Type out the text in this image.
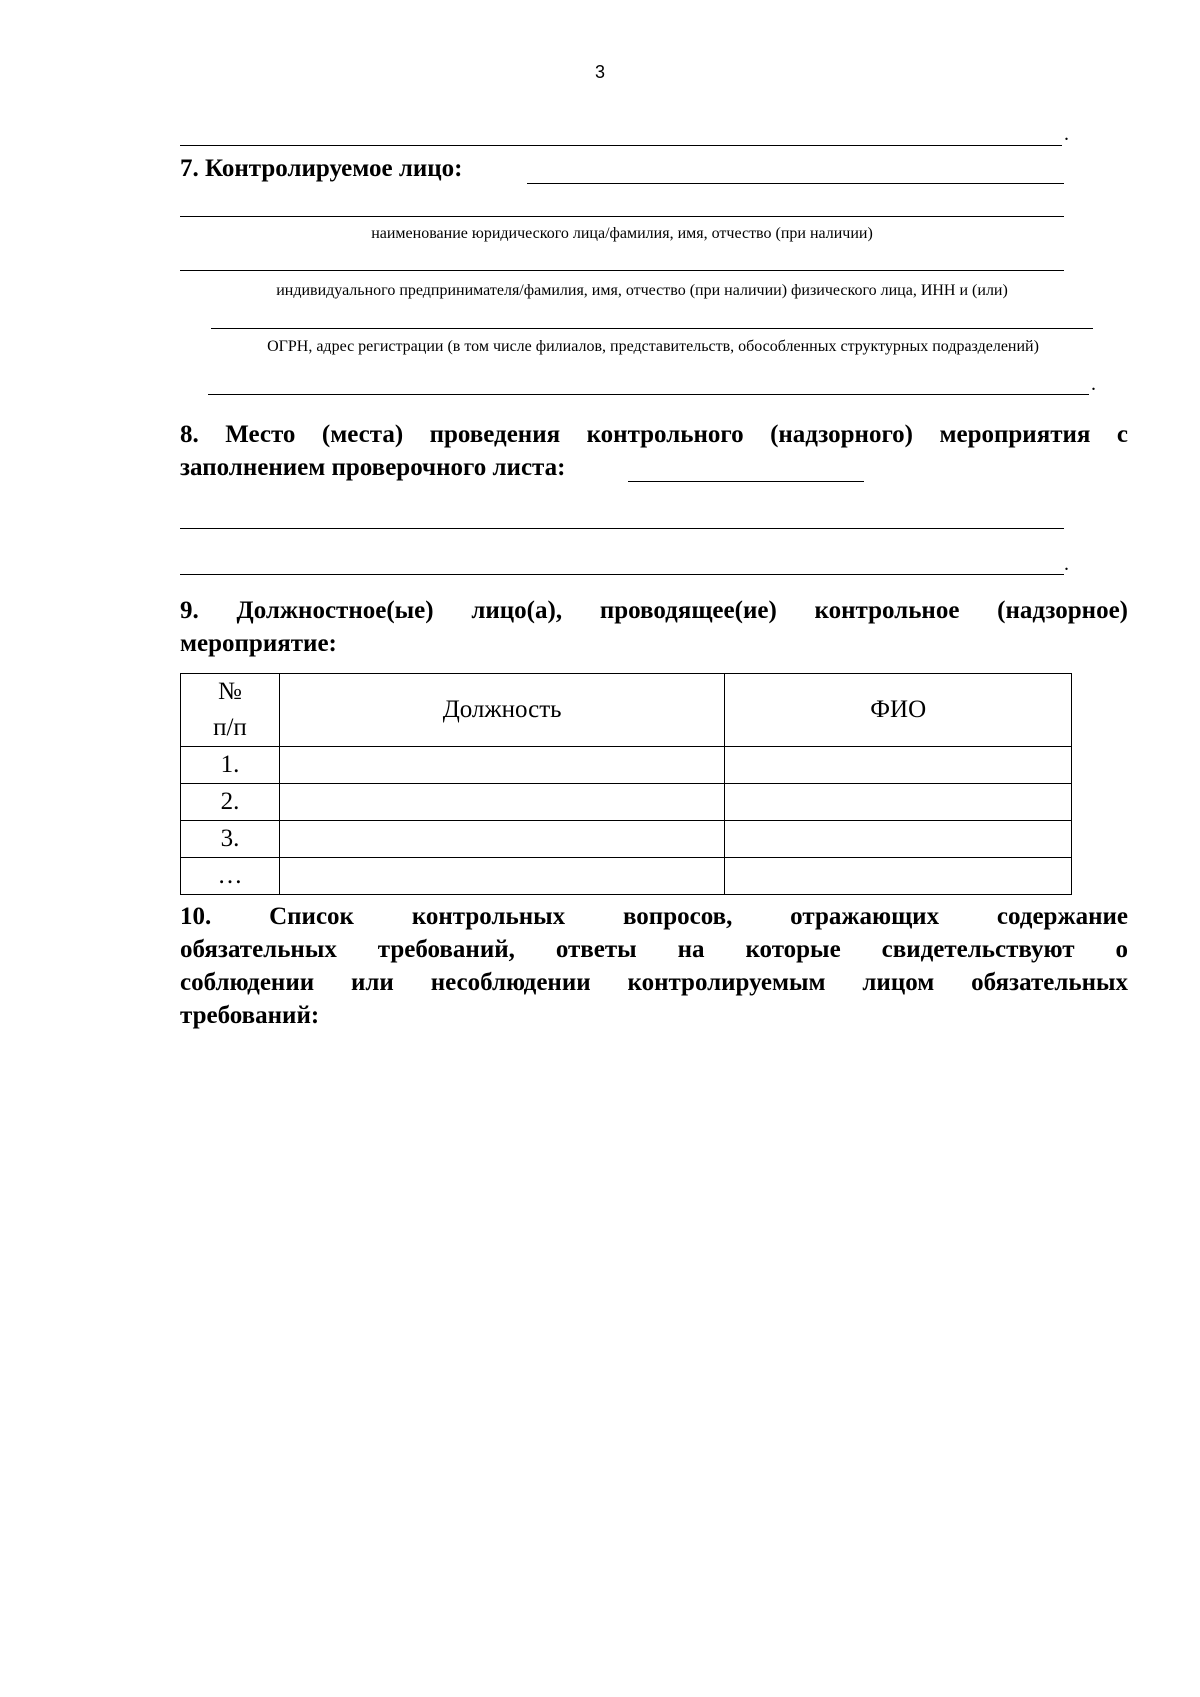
3
.
7. Контролируемое лицо:
наименование юридического лица/фамилия, имя, отчество (при наличии)
индивидуального предпринимателя/фамилия, имя, отчество (при наличии) физического лица, ИНН и (или)
ОГРН, адрес регистрации (в том числе филиалов, представительств, обособленных структурных подразделений)
.
8. Место (места) проведения контрольного (надзорного) мероприятия с
заполнением проверочного листа:
.
9. Должностное(ые) лицо(а), проводящее(ие) контрольное (надзорное)
мероприятие:
№
п/п	Должность	ФИО
1.		
2.		
3.		
…		
10. Список контрольных вопросов, отражающих содержание
обязательных требований, ответы на которые свидетельствуют о
соблюдении или несоблюдении контролируемым лицом обязательных
требований:
